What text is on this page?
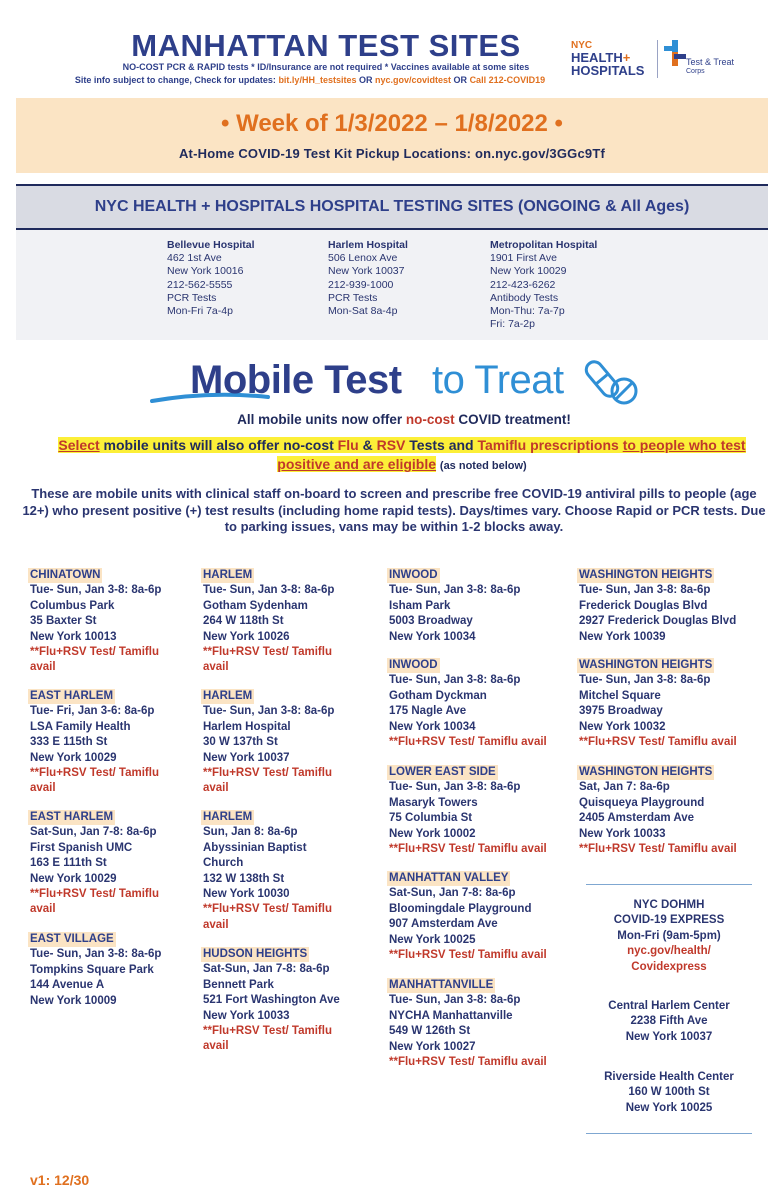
MANHATTAN TEST SITES
NO-COST PCR & RAPID tests * ID/Insurance are not required * Vaccines available at some sites
Site info subject to change, Check for updates: bit.ly/HH_testsites OR nyc.gov/covidtest OR Call 212-COVID19
NYC
HEALTH+
HOSPITALS
Test & Treat
Corps
• Week of 1/3/2022 – 1/8/2022 •
At-Home COVID-19 Test Kit Pickup Locations: on.nyc.gov/3GGc9Tf
NYC HEALTH + HOSPITALS HOSPITAL TESTING SITES (ONGOING & All Ages)
Bellevue Hospital
462 1st Ave
New York 10016
212-562-5555
PCR Tests
Mon-Fri 7a-4p
Harlem Hospital
506 Lenox Ave
New York 10037
212-939-1000
PCR Tests
Mon-Sat 8a-4p
Metropolitan Hospital
1901 First Ave
New York 10029
212-423-6262
Antibody Tests
Mon-Thu: 7a-7p
Fri: 7a-2p
Mobile Test to Treat
All mobile units now offer no-cost COVID treatment!
Select mobile units will also offer no-cost Flu & RSV Tests and Tamiflu prescriptions to people who test positive and are eligible (as noted below)
These are mobile units with clinical staff on-board to screen and prescribe free COVID-19 antiviral pills to people (age 12+) who present positive (+) test results (including home rapid tests). Days/times vary. Choose Rapid or PCR tests. Due to parking issues, vans may be within 1-2 blocks away.
CHINATOWN
Tue- Sun, Jan 3-8: 8a-6p
Columbus Park
35 Baxter St
New York 10013
**Flu+RSV Test/ Tamiflu
avail
EAST HARLEM
Tue- Fri, Jan 3-6: 8a-6p
LSA Family Health
333 E 115th St
New York 10029
**Flu+RSV Test/ Tamiflu
avail
EAST HARLEM
Sat-Sun, Jan 7-8: 8a-6p
First Spanish UMC
163 E 111th St
New York 10029
**Flu+RSV Test/ Tamiflu
avail
EAST VILLAGE
Tue- Sun, Jan 3-8: 8a-6p
Tompkins Square Park
144 Avenue A
New York 10009
HARLEM
Tue- Sun, Jan 3-8: 8a-6p
Gotham Sydenham
264 W 118th St
New York 10026
**Flu+RSV Test/ Tamiflu
avail
HARLEM
Tue- Sun, Jan 3-8: 8a-6p
Harlem Hospital
30 W 137th St
New York 10037
**Flu+RSV Test/ Tamiflu
avail
HARLEM
Sun, Jan 8: 8a-6p
Abyssinian Baptist
Church
132 W 138th St
New York 10030
**Flu+RSV Test/ Tamiflu
avail
HUDSON HEIGHTS
Sat-Sun, Jan 7-8: 8a-6p
Bennett Park
521 Fort Washington Ave
New York 10033
**Flu+RSV Test/ Tamiflu
avail
INWOOD
Tue- Sun, Jan 3-8: 8a-6p
Isham Park
5003 Broadway
New York 10034
INWOOD
Tue- Sun, Jan 3-8: 8a-6p
Gotham Dyckman
175 Nagle Ave
New York 10034
**Flu+RSV Test/ Tamiflu avail
LOWER EAST SIDE
Tue- Sun, Jan 3-8: 8a-6p
Masaryk Towers
75 Columbia St
New York 10002
**Flu+RSV Test/ Tamiflu avail
MANHATTAN VALLEY
Sat-Sun, Jan 7-8: 8a-6p
Bloomingdale Playground
907 Amsterdam Ave
New York 10025
**Flu+RSV Test/ Tamiflu avail
MANHATTANVILLE
Tue- Sun, Jan 3-8: 8a-6p
NYCHA Manhattanville
549 W 126th St
New York 10027
**Flu+RSV Test/ Tamiflu avail
WASHINGTON HEIGHTS
Tue- Sun, Jan 3-8: 8a-6p
Frederick Douglas Blvd
2927 Frederick Douglas Blvd
New York 10039
WASHINGTON HEIGHTS
Tue- Sun, Jan 3-8: 8a-6p
Mitchel Square
3975 Broadway
New York 10032
**Flu+RSV Test/ Tamiflu avail
WASHINGTON HEIGHTS
Sat, Jan 7: 8a-6p
Quisqueya Playground
2405 Amsterdam Ave
New York 10033
**Flu+RSV Test/ Tamiflu avail
NYC DOHMH
COVID-19 EXPRESS
Mon-Fri (9am-5pm)
nyc.gov/health/
Covidexpress
Central Harlem Center
2238 Fifth Ave
New York 10037
Riverside Health Center
160 W 100th St
New York 10025
v1: 12/30
